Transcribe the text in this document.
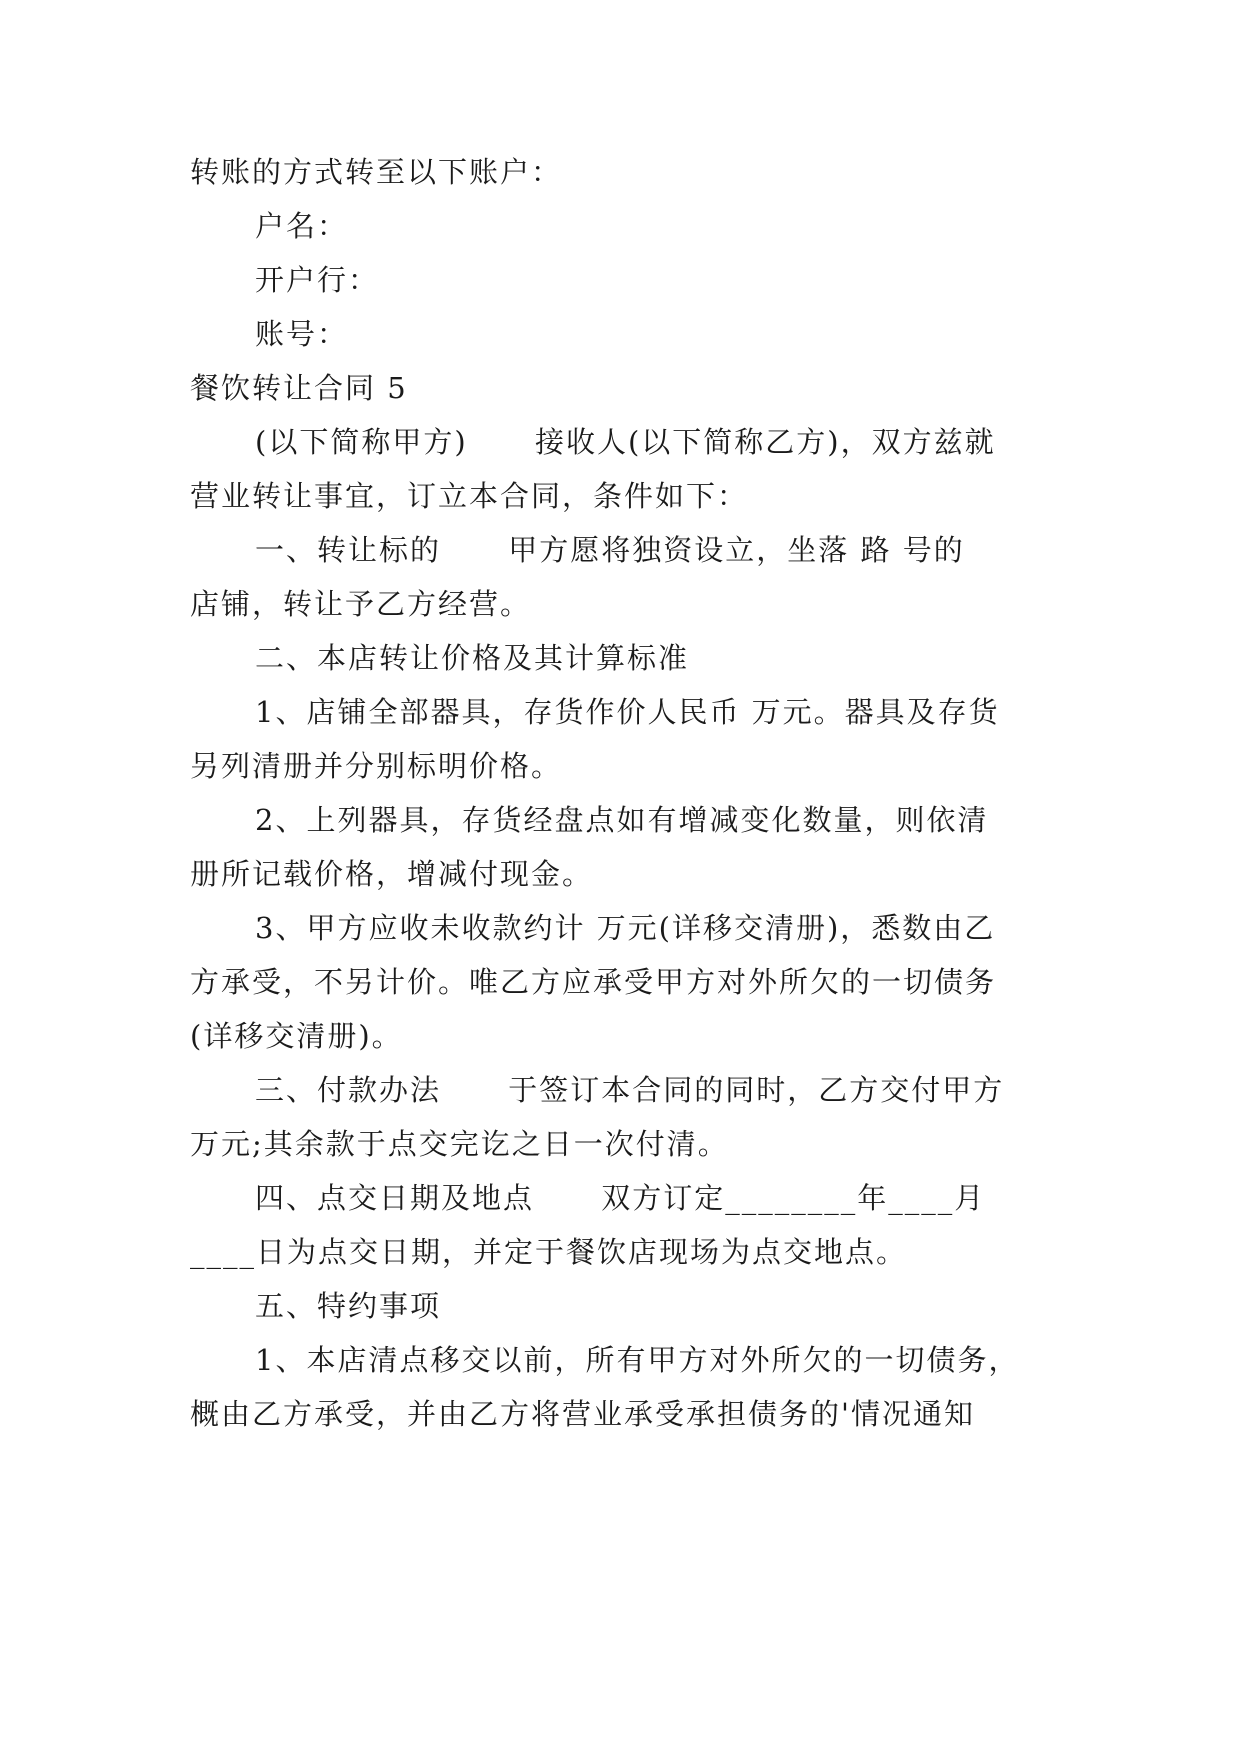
转账的方式转至以下账户：

户名：

开户行：

账号：

餐饮转让合同 5

(以下简称甲方)      接收人(以下简称乙方)，双方兹就

营业转让事宜，订立本合同，条件如下：

一、转让标的      甲方愿将独资设立，坐落 路 号的

店铺，转让予乙方经营。

二、本店转让价格及其计算标准

1、店铺全部器具，存货作价人民币 万元。器具及存货

另列清册并分别标明价格。

2、上列器具，存货经盘点如有增减变化数量，则依清

册所记载价格，增减付现金。

3、甲方应收未收款约计 万元(详移交清册)，悉数由乙

方承受，不另计价。唯乙方应承受甲方对外所欠的一切债务

(详移交清册)。

三、付款办法      于签订本合同的同时，乙方交付甲方

万元;其余款于点交完讫之日一次付清。

四、点交日期及地点      双方订定________年____月

____日为点交日期，并定于餐饮店现场为点交地点。

五、特约事项

1、本店清点移交以前，所有甲方对外所欠的一切债务，

概由乙方承受，并由乙方将营业承受承担债务的'情况通知
